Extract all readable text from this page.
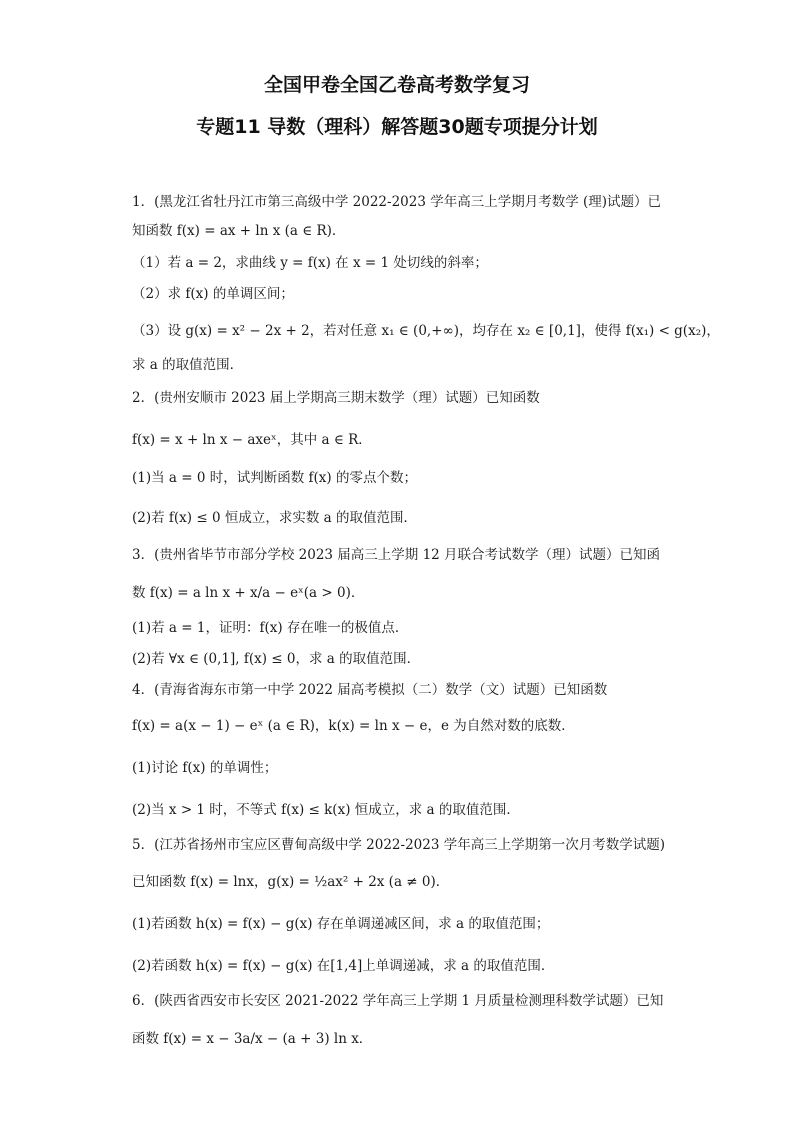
全国甲卷全国乙卷高考数学复习
专题11 导数（理科）解答题30题专项提分计划
1．(黑龙江省牡丹江市第三高级中学 2022-2023 学年高三上学期月考数学 (理)试题）已
知函数 f(x) = ax + ln x (a ∈ R)．
（1）若 a = 2，求曲线 y = f(x) 在 x = 1 处切线的斜率；
（2）求 f(x) 的单调区间；
（3）设 g(x) = x² − 2x + 2，若对任意 x₁ ∈ (0,+∞)，均存在 x₂ ∈ [0,1]，使得 f(x₁) < g(x₂)，
求 a 的取值范围．
2．(贵州安顺市 2023 届上学期高三期末数学（理）试题）已知函数
f(x) = x + ln x − axeˣ，其中 a ∈ R．
(1)当 a = 0 时，试判断函数 f(x) 的零点个数；
(2)若 f(x) ≤ 0 恒成立，求实数 a 的取值范围．
3．(贵州省毕节市部分学校 2023 届高三上学期 12 月联合考试数学（理）试题）已知函
数 f(x) = a ln x + x/a − eˣ(a > 0)．
(1)若 a = 1，证明：f(x) 存在唯一的极值点．
(2)若 ∀x ∈ (0,1], f(x) ≤ 0，求 a 的取值范围．
4．(青海省海东市第一中学 2022 届高考模拟（二）数学（文）试题）已知函数
f(x) = a(x − 1) − eˣ (a ∈ R)，k(x) = ln x − e，e 为自然对数的底数．
(1)讨论 f(x) 的单调性；
(2)当 x > 1 时，不等式 f(x) ≤ k(x) 恒成立，求 a 的取值范围．
5．(江苏省扬州市宝应区曹甸高级中学 2022-2023 学年高三上学期第一次月考数学试题)
已知函数 f(x) = lnx，g(x) = ½ax² + 2x (a ≠ 0)．
(1)若函数 h(x) = f(x) − g(x) 存在单调递减区间，求 a 的取值范围；
(2)若函数 h(x) = f(x) − g(x) 在[1,4]上单调递减，求 a 的取值范围．
6．(陕西省西安市长安区 2021-2022 学年高三上学期 1 月质量检测理科数学试题）已知
函数 f(x) = x − 3a/x − (a + 3) ln x．
